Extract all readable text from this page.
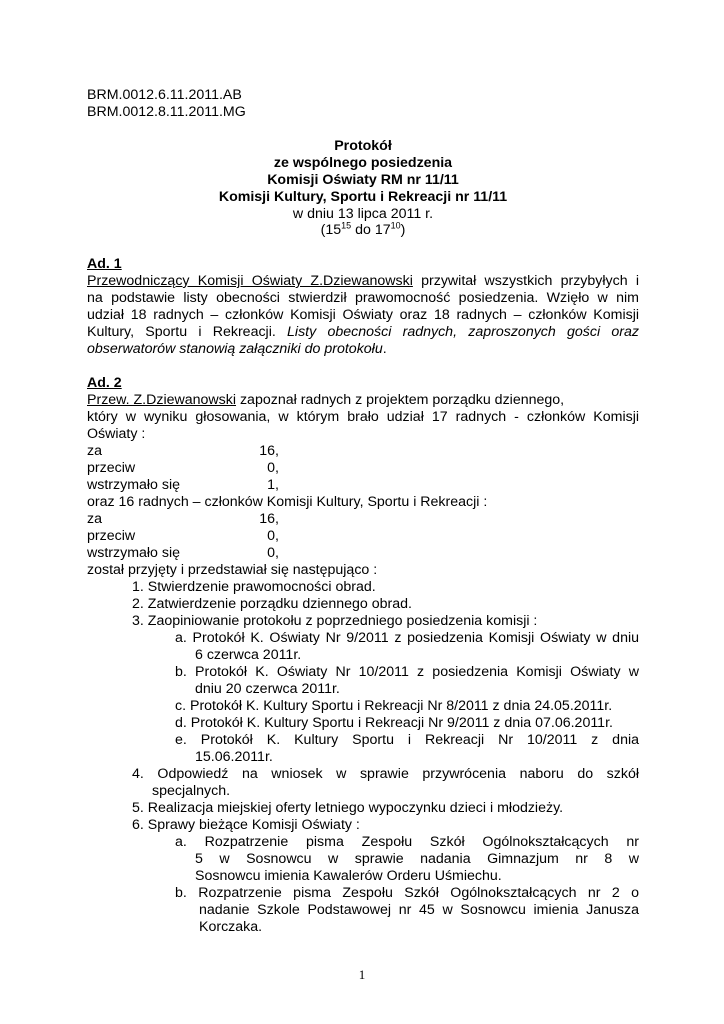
BRM.0012.6.11.2011.AB
BRM.0012.8.11.2011.MG
Protokół
ze wspólnego posiedzenia
Komisji Oświaty RM nr 11/11
Komisji Kultury, Sportu i Rekreacji nr 11/11
w dniu 13 lipca 2011 r.
($15^{15}$ do $17^{10}$)
Ad. 1
Przewodniczący Komisji Oświaty Z.Dziewanowski przywitał wszystkich przybyłych i
na podstawie listy obecności stwierdził prawomocność posiedzenia. Wzięło w nim
udział 18 radnych – członków Komisji Oświaty oraz 18 radnych – członków Komisji
Kultury, Sportu i Rekreacji. Listy obecności radnych, zaproszonych gości oraz
obserwatorów stanowią załączniki do protokołu.
Ad. 2
Przew. Z.Dziewanowski zapoznał radnych z projektem porządku dziennego,
który w wyniku głosowania, w którym brało udział 17 radnych - członków Komisji
Oświaty :
za	16,
przeciw	0,
wstrzymało się	1,
oraz 16 radnych – członków Komisji Kultury, Sportu i Rekreacji :
za	16,
przeciw	0,
wstrzymało się	0,
został przyjęty i przedstawiał się następująco :
1. Stwierdzenie prawomocności obrad.
2. Zatwierdzenie porządku dziennego obrad.
3. Zaopiniowanie protokołu z poprzedniego posiedzenia komisji :
a. Protokół K. Oświaty Nr 9/2011 z posiedzenia Komisji Oświaty w dniu
6 czerwca 2011r.
b. Protokół K. Oświaty Nr 10/2011 z posiedzenia Komisji Oświaty w
dniu 20 czerwca 2011r.
c. Protokół K. Kultury Sportu i Rekreacji Nr 8/2011 z dnia 24.05.2011r.
d. Protokół K. Kultury Sportu i Rekreacji Nr 9/2011 z dnia 07.06.2011r.
e. Protokół K. Kultury Sportu i Rekreacji Nr 10/2011 z dnia
15.06.2011r.
4. Odpowiedź na wniosek w sprawie przywrócenia naboru do szkół
specjalnych.
5. Realizacja miejskiej oferty letniego wypoczynku dzieci i młodzieży.
6. Sprawy bieżące Komisji Oświaty :
a. Rozpatrzenie pisma Zespołu Szkół Ogólnokształcących nr
5 w Sosnowcu w sprawie nadania Gimnazjum nr 8 w
Sosnowcu imienia Kawalerów Orderu Uśmiechu.
b. Rozpatrzenie pisma Zespołu Szkół Ogólnokształcących nr 2 o
nadanie Szkole Podstawowej nr 45 w Sosnowcu imienia Janusza
Korczaka.
1
